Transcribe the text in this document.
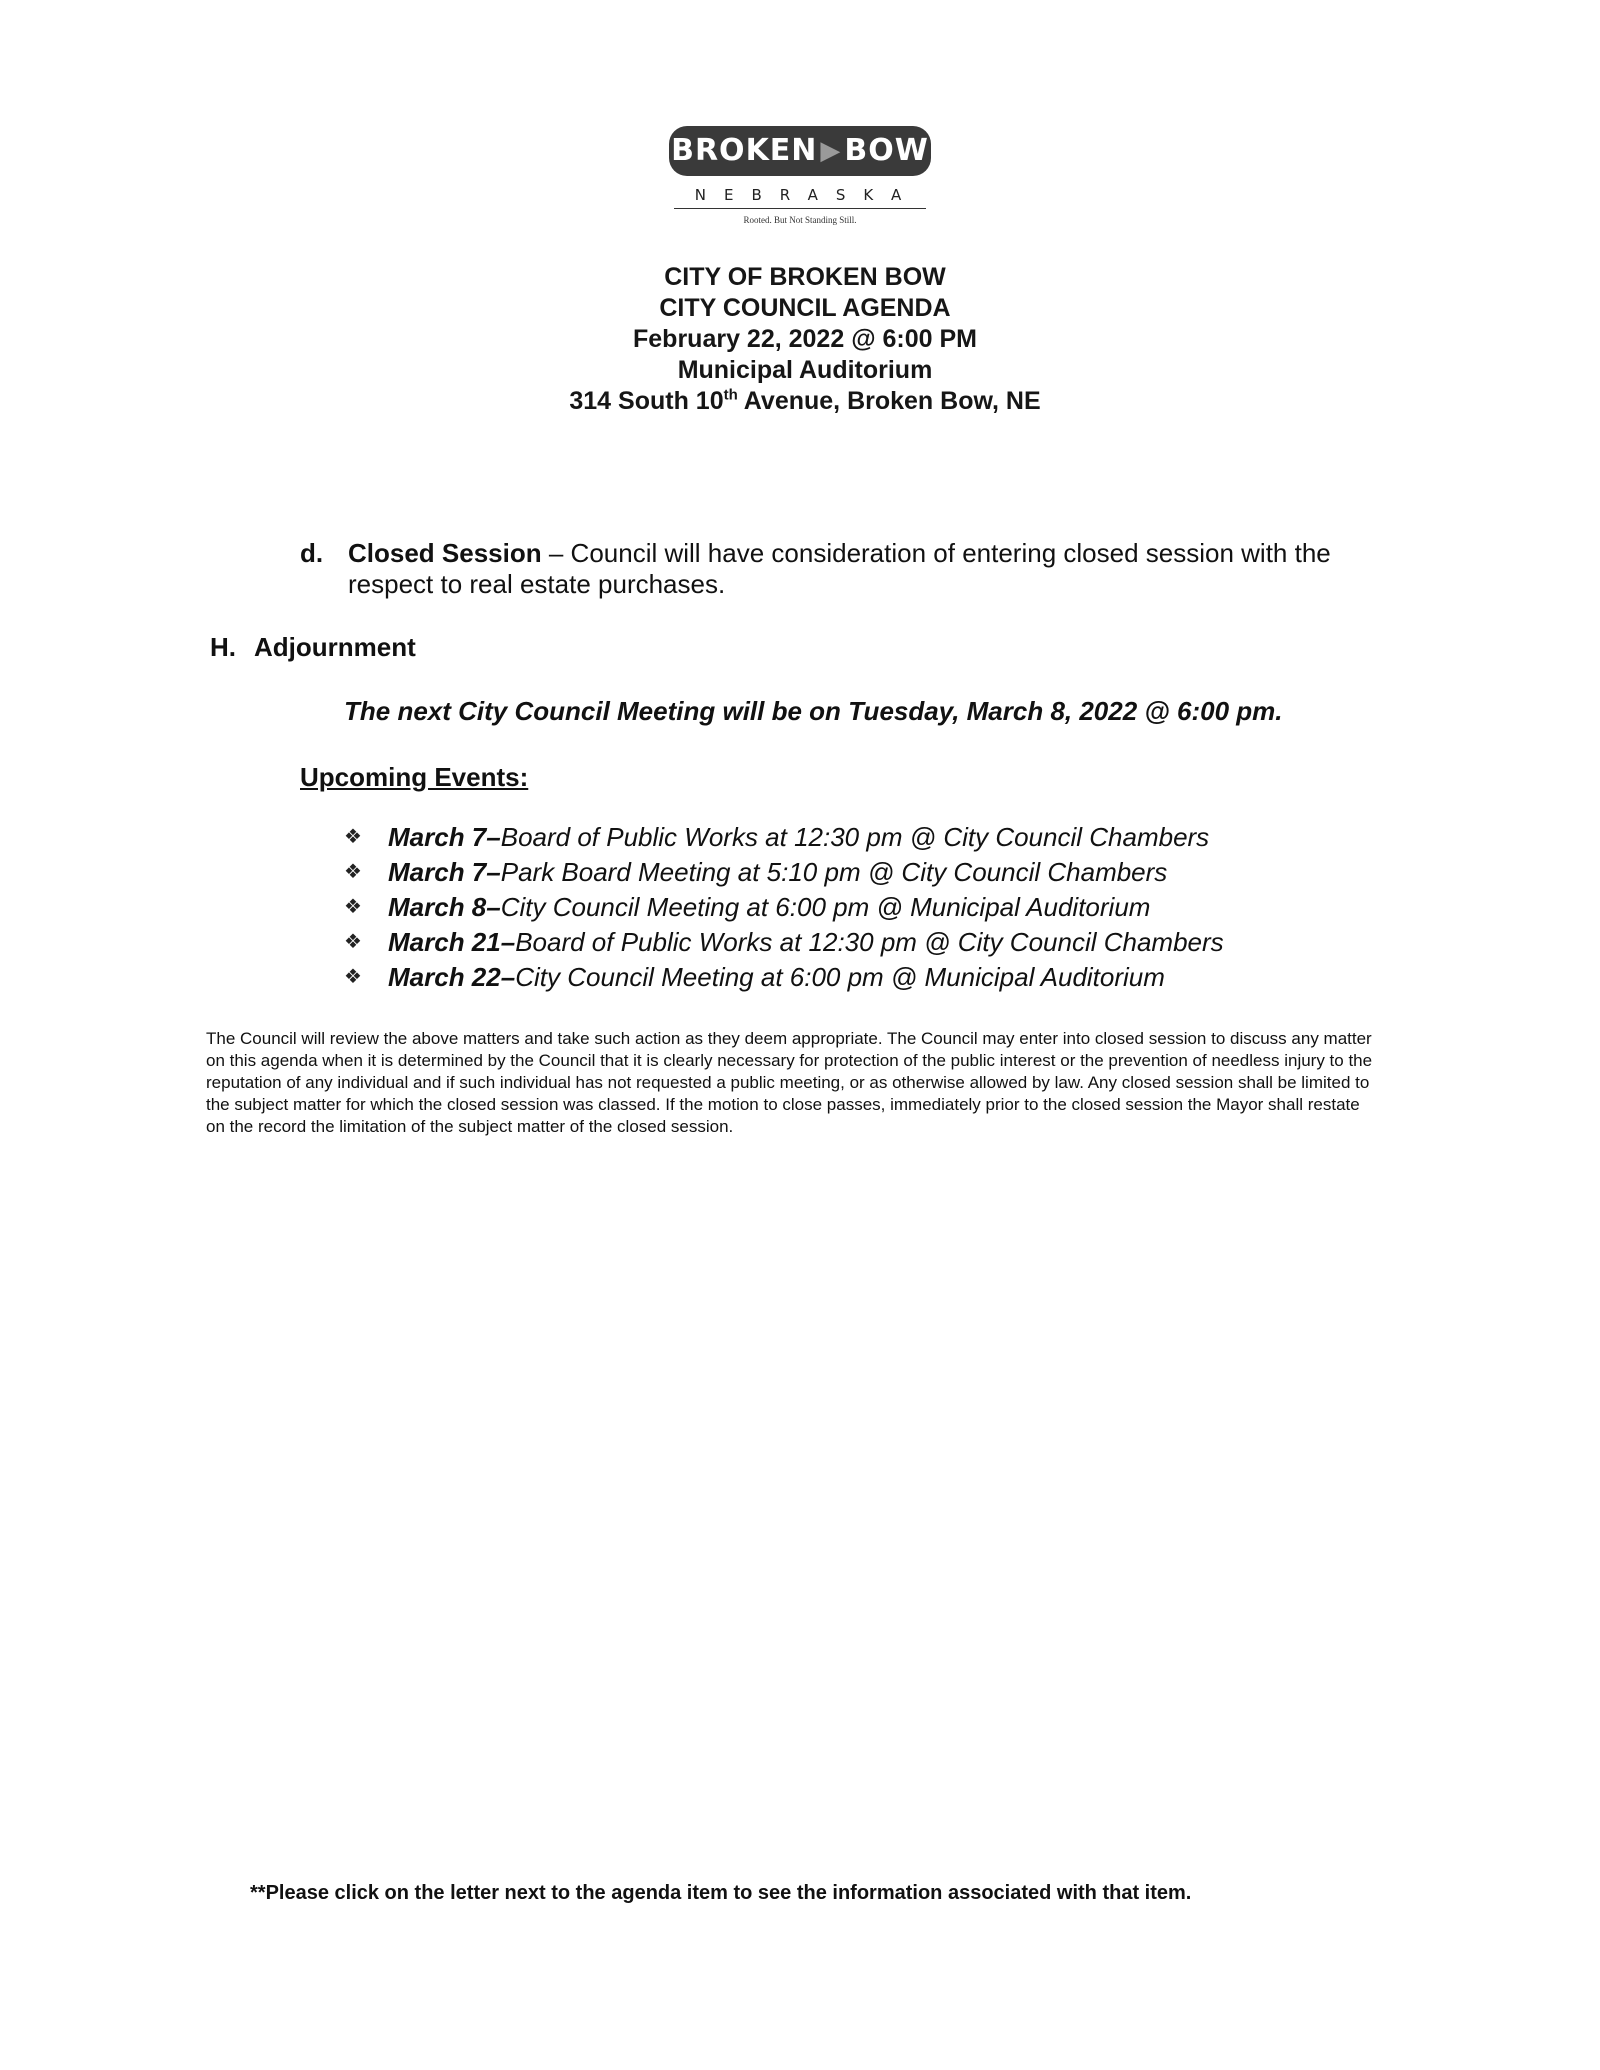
BROKEN ▶ BOW
NEBRASKA
Rooted. But Not Standing Still.
CITY OF BROKEN BOW
CITY COUNCIL AGENDA
February 22, 2022 @ 6:00 PM
Municipal Auditorium
314 South 10th Avenue, Broken Bow, NE
d. Closed Session – Council will have consideration of entering closed session with the respect to real estate purchases.
H. Adjournment
The next City Council Meeting will be on Tuesday, March 8, 2022 @ 6:00 pm.
Upcoming Events:
❖	March 7 – Board of Public Works at 12:30 pm @ City Council Chambers
❖	March 7 – Park Board Meeting at 5:10 pm @ City Council Chambers
❖	March 8 – City Council Meeting at 6:00 pm @ Municipal Auditorium
❖	March 21 – Board of Public Works at 12:30 pm @ City Council Chambers
❖	March 22 – City Council Meeting at 6:00 pm @ Municipal Auditorium
The Council will review the above matters and take such action as they deem appropriate. The Council may enter into closed session to discuss any matter on this agenda when it is determined by the Council that it is clearly necessary for protection of the public interest or the prevention of needless injury to the reputation of any individual and if such individual has not requested a public meeting, or as otherwise allowed by law. Any closed session shall be limited to the subject matter for which the closed session was classed. If the motion to close passes, immediately prior to the closed session the Mayor shall restate on the record the limitation of the subject matter of the closed session.
**Please click on the letter next to the agenda item to see the information associated with that item.
